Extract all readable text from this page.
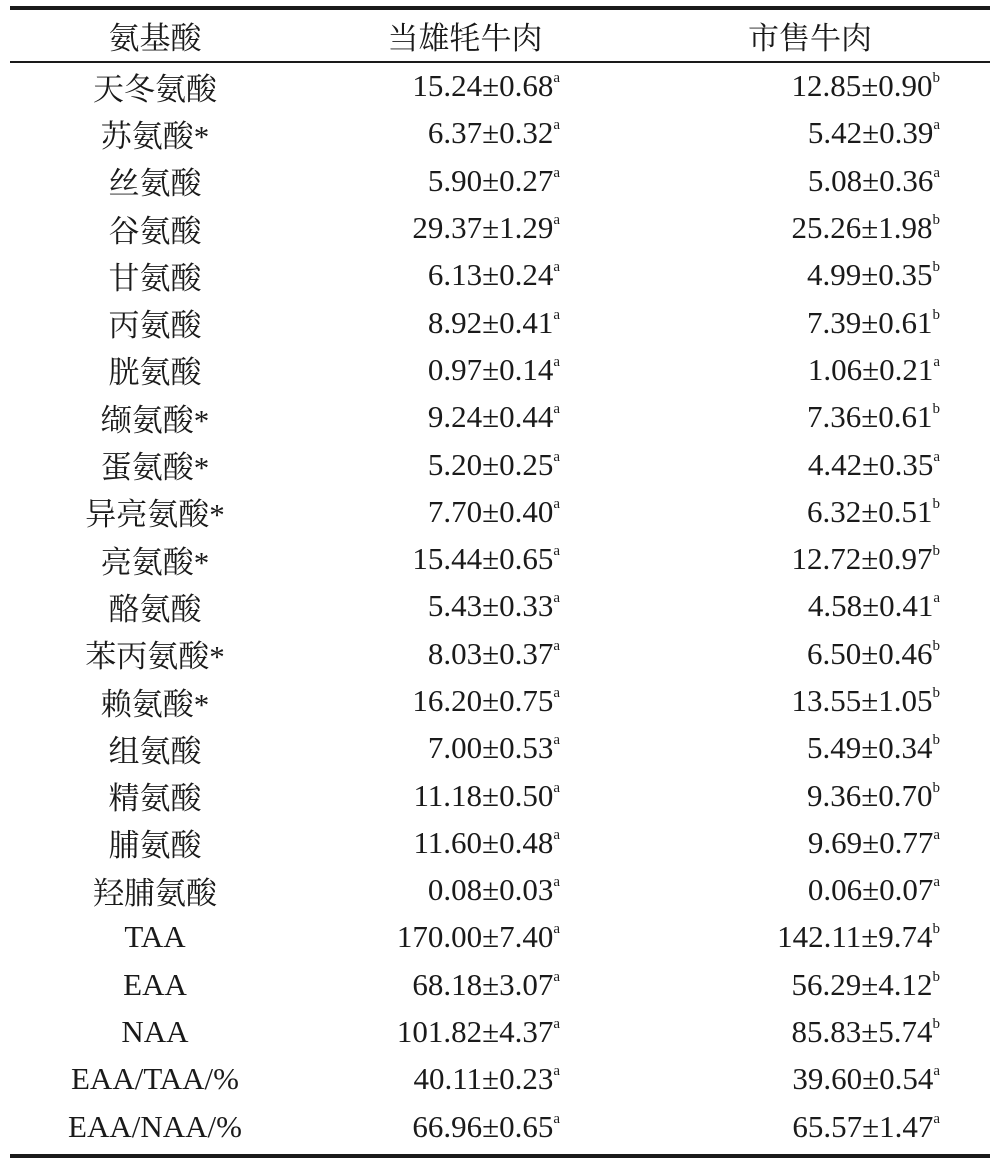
氨基酸	当雄牦牛肉	市售牛肉
天冬氨酸	15.24±0.68$^a$	12.85±0.90$^b$
苏氨酸*	6.37±0.32$^a$	5.42±0.39$^a$
丝氨酸	5.90±0.27$^a$	5.08±0.36$^a$
谷氨酸	29.37±1.29$^a$	25.26±1.98$^b$
甘氨酸	6.13±0.24$^a$	4.99±0.35$^b$
丙氨酸	8.92±0.41$^a$	7.39±0.61$^b$
胱氨酸	0.97±0.14$^a$	1.06±0.21$^a$
缬氨酸*	9.24±0.44$^a$	7.36±0.61$^b$
蛋氨酸*	5.20±0.25$^a$	4.42±0.35$^a$
异亮氨酸*	7.70±0.40$^a$	6.32±0.51$^b$
亮氨酸*	15.44±0.65$^a$	12.72±0.97$^b$
酪氨酸	5.43±0.33$^a$	4.58±0.41$^a$
苯丙氨酸*	8.03±0.37$^a$	6.50±0.46$^b$
赖氨酸*	16.20±0.75$^a$	13.55±1.05$^b$
组氨酸	7.00±0.53$^a$	5.49±0.34$^b$
精氨酸	11.18±0.50$^a$	9.36±0.70$^b$
脯氨酸	11.60±0.48$^a$	9.69±0.77$^a$
羟脯氨酸	0.08±0.03$^a$	0.06±0.07$^a$
TAA	170.00±7.40$^a$	142.11±9.74$^b$
EAA	68.18±3.07$^a$	56.29±4.12$^b$
NAA	101.82±4.37$^a$	85.83±5.74$^b$
EAA/TAA/%	40.11±0.23$^a$	39.60±0.54$^a$
EAA/NAA/%	66.96±0.65$^a$	65.57±1.47$^a$
